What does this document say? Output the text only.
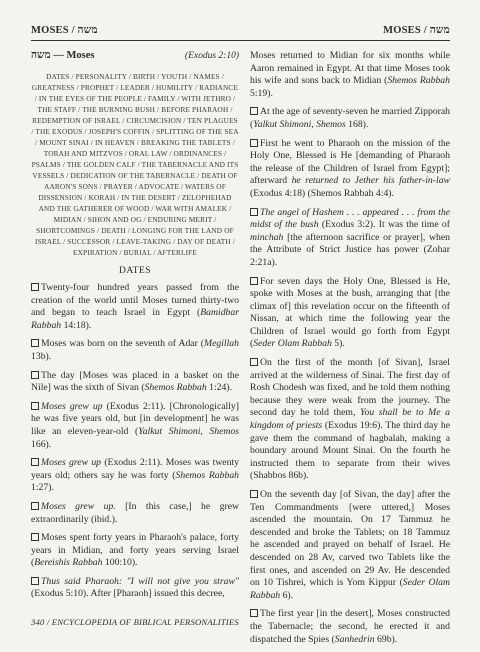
MOSES / משה	MOSES / משה
משה — Moses	(Exodus 2:10)
DATES / PERSONALITY / BIRTH / YOUTH / NAMES / GREATNESS / PROPHET / LEADER / HUMILITY / RADIANCE / IN THE EYES OF THE PEOPLE / FAMILY / WITH JETHRO / THE STAFF / THE BURNING BUSH / BEFORE PHARAOH / REDEMPTION OF ISRAEL / CIRCUMCISION / TEN PLAGUES / THE EXODUS / JOSEPH'S COFFIN / SPLITTING OF THE SEA / MOUNT SINAI / IN HEAVEN / BREAKING THE TABLETS / TORAH AND MITZVOS / ORAL LAW / ORDINANCES / PSALMS / THE GOLDEN CALF / THE TABERNACLE AND ITS VESSELS / DEDICATION OF THE TABERNACLE / DEATH OF AARON'S SONS / PRAYER / ADVOCATE / WATERS OF DISSENSION / KORAH / IN THE DESERT / ZELOPHEHAD AND THE GATHERER OF WOOD / WAR WITH AMALEK / MIDIAN / SIHON AND OG / ENDURING MERIT / SHORTCOMINGS / DEATH / LONGING FOR THE LAND OF ISRAEL / SUCCESSOR / LEAVE-TAKING / DAY OF DEATH / EXPIRATION / BURIAL / AFTERLIFE
DATES

Twenty-four hundred years passed from the creation of the world until Moses turned thirty-two and began to teach Israel in Egypt (Bamidbar Rabbah 14:18).

Moses was born on the seventh of Adar (Megillah 13b).

The day [Moses was placed in a basket on the Nile] was the sixth of Sivan (Shemos Rabbah 1:24).

Moses grew up (Exodus 2:11). [Chronologically] he was five years old, but [in development] he was like an eleven-year-old (Yalkut Shimoni, Shemos 166).

Moses grew up (Exodus 2:11). Moses was twenty years old; others say he was forty (Shemos Rabbah 1:27).

Moses grew up. [In this case,] he grew extraordinarily (ibid.).

Moses spent forty years in Pharaoh's palace, forty years in Midian, and forty years serving Israel (Bereishis Rabbah 100:10).

Thus said Pharaoh: "I will not give you straw" (Exodus 5:10). After [Pharaoh] issued this decree,

Moses returned to Midian for six months while Aaron remained in Egypt. At that time Moses took his wife and sons back to Midian (Shemos Rabbah 5:19).

At the age of seventy-seven he married Zipporah (Yalkut Shimoni, Shemos 168).

First he went to Pharaoh on the mission of the Holy One, Blessed is He [demanding of Pharaoh the release of the Children of Israel from Egypt]; afterward he returned to Jether his father-in-law (Exodus 4:18) (Shemos Rabbah 4:4).

The angel of Hashem . . . appeared . . . from the midst of the bush (Exodus 3:2). It was the time of minchah [the afternoon sacrifice or prayer], when the Attribute of Strict Justice has power (Zohar 2:21a).

For seven days the Holy One, Blessed is He, spoke with Moses at the bush, arranging that [the climax of] this revelation occur on the fifteenth of Nissan, at which time the following year the Children of Israel would go forth from Egypt (Seder Olam Rabbah 5).

On the first of the month [of Sivan], Israel arrived at the wilderness of Sinai. The first day of Rosh Chodesh was fixed, and he told them nothing because they were weak from the journey. The second day he told them, You shall be to Me a kingdom of priests (Exodus 19:6). The third day he gave them the command of hagbalah, making a boundary around Mount Sinai. On the fourth he instructed them to separate from their wives (Shabbos 86b).

On the seventh day [of Sivan, the day] after the Ten Commandments [were uttered,] Moses ascended the mountain. On 17 Tammuz he descended and broke the Tablets; on 18 Tammuz he ascended and prayed on behalf of Israel. He descended on 28 Av, carved two Tablets like the first ones, and ascended on 29 Av. He descended on 10 Tishrei, which is Yom Kippur (Seder Olam Rabbah 6).

The first year [in the desert], Moses constructed the Tabernacle; the second, he erected it and dispatched the Spies (Sanhedrin 69b).

340 / ENCYCLOPEDIA OF BIBLICAL PERSONALITIES
